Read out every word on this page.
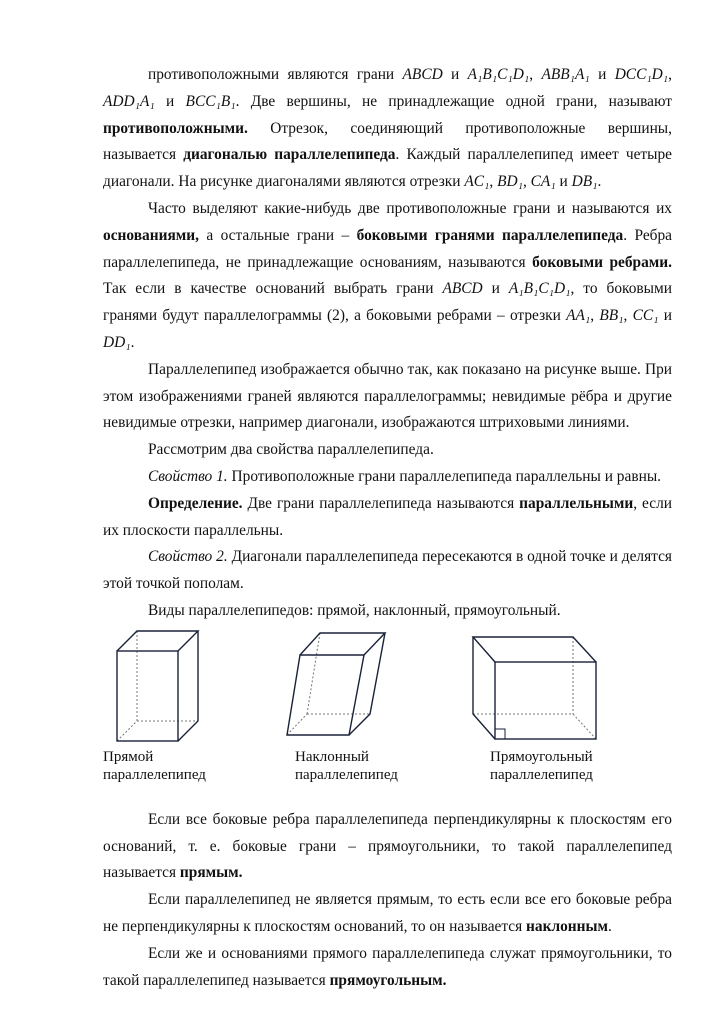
противоположными являются грани ABCD и A₁B₁C₁D₁, ABB₁A₁ и DCC₁D₁, ADD₁A₁ и BCC₁B₁. Две вершины, не принадлежащие одной грани, называют противоположными. Отрезок, соединяющий противоположные вершины, называется диагональю параллелепипеда. Каждый параллелепипед имеет четыре диагонали. На рисунке диагоналями являются отрезки AC₁, BD₁, CA₁ и DB₁.
Часто выделяют какие-нибудь две противоположные грани и называются их основаниями, а остальные грани – боковыми гранями параллелепипеда. Ребра параллелепипеда, не принадлежащие основаниям, называются боковыми ребрами. Так если в качестве оснований выбрать грани ABCD и A₁B₁C₁D₁, то боковыми гранями будут параллелограммы (2), а боковыми ребрами – отрезки AA₁, BB₁, CC₁ и DD₁.
Параллелепипед изображается обычно так, как показано на рисунке выше. При этом изображениями граней являются параллелограммы; невидимые рёбра и другие невидимые отрезки, например диагонали, изображаются штриховыми линиями.
Рассмотрим два свойства параллелепипеда.
Свойство 1. Противоположные грани параллелепипеда параллельны и равны.
Определение. Две грани параллелепипеда называются параллельными, если их плоскости параллельны.
Свойство 2. Диагонали параллелепипеда пересекаются в одной точке и делятся этой точкой пополам.
Виды параллелепипедов: прямой, наклонный, прямоугольный.
Прямой
параллелепипед
Наклонный
параллелепипед
Прямоугольный
параллелепипед
Если все боковые ребра параллелепипеда перпендикулярны к плоскостям его оснований, т. е. боковые грани – прямоугольники, то такой параллелепипед называется прямым.
Если параллелепипед не является прямым, то есть если все его боковые ребра не перпендикулярны к плоскостям оснований, то он называется наклонным.
Если же и основаниями прямого параллелепипеда служат прямоугольники, то такой параллелепипед называется прямоугольным.
